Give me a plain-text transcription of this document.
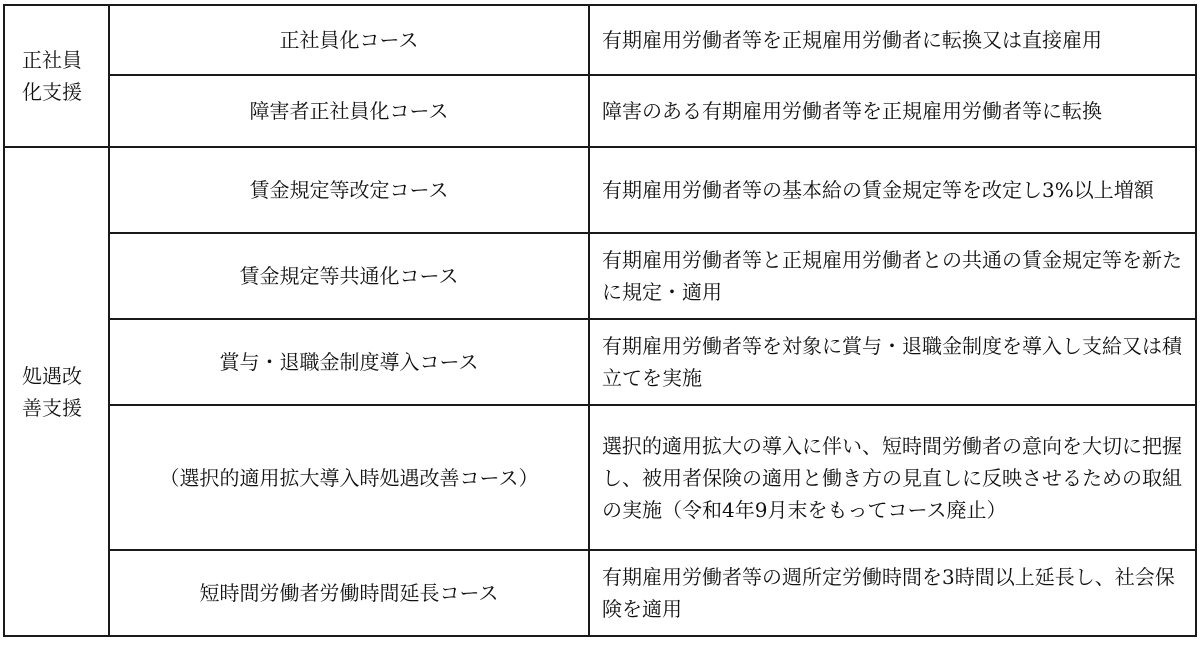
正社員化支援	正社員化コース	有期雇用労働者等を正規雇用労働者に転換又は直接雇用
	障害者正社員化コース	障害のある有期雇用労働者等を正規雇用労働者等に転換
処遇改善支援	賃金規定等改定コース	有期雇用労働者等の基本給の賃金規定等を改定し3%以上増額
	賃金規定等共通化コース	有期雇用労働者等と正規雇用労働者との共通の賃金規定等を新たに規定・適用
	賞与・退職金制度導入コース	有期雇用労働者等を対象に賞与・退職金制度を導入し支給又は積立てを実施
	（選択的適用拡大導入時処遇改善コース）	選択的適用拡大の導入に伴い、短時間労働者の意向を大切に把握し、被用者保険の適用と働き方の見直しに反映させるための取組の実施（令和4年9月末をもってコース廃止）
	短時間労働者労働時間延長コース	有期雇用労働者等の週所定労働時間を3時間以上延長し、社会保険を適用
